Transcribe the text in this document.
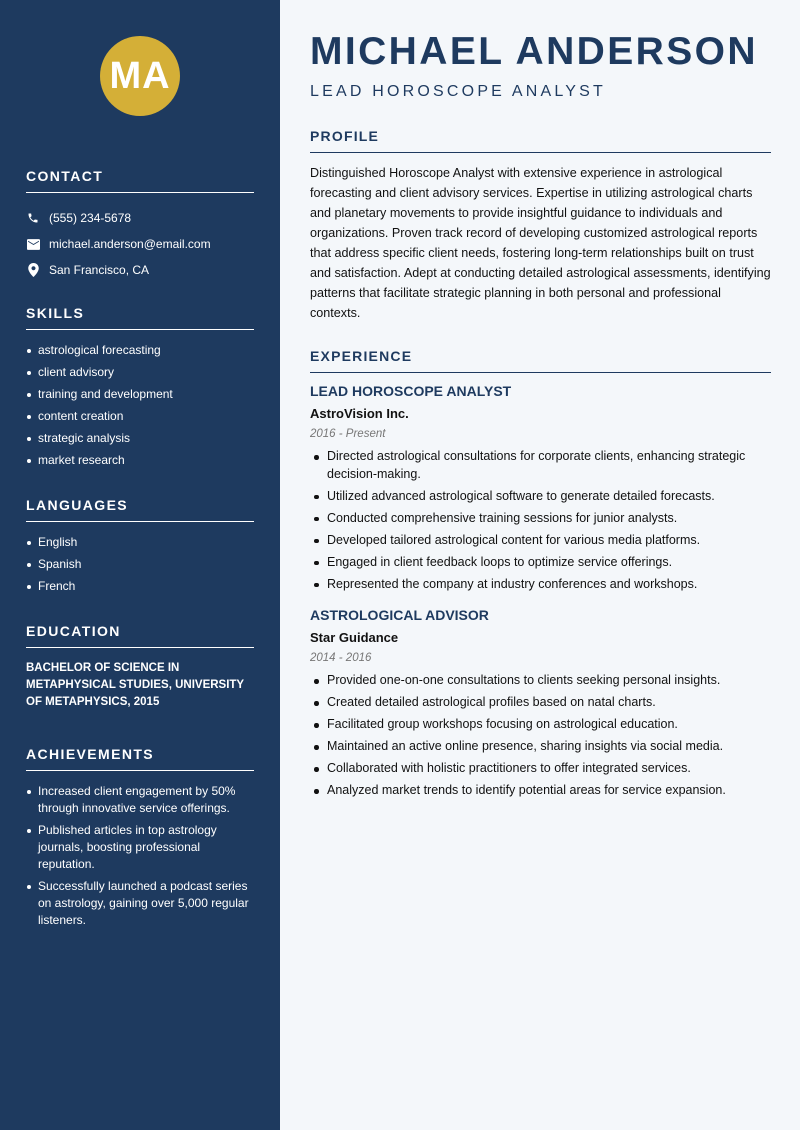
MA
CONTACT
(555) 234-5678
michael.anderson@email.com
San Francisco, CA
SKILLS
astrological forecasting
client advisory
training and development
content creation
strategic analysis
market research
LANGUAGES
English
Spanish
French
EDUCATION

BACHELOR OF SCIENCE IN METAPHYSICAL STUDIES, UNIVERSITY OF METAPHYSICS, 2015

ACHIEVEMENTS
Increased client engagement by 50% through innovative service offerings.
Published articles in top astrology journals, boosting professional reputation.
Successfully launched a podcast series on astrology, gaining over 5,000 regular listeners.
MICHAEL ANDERSON
LEAD HOROSCOPE ANALYST
PROFILE

Distinguished Horoscope Analyst with extensive experience in astrological forecasting and client advisory services. Expertise in utilizing astrological charts and planetary movements to provide insightful guidance to individuals and organizations. Proven track record of developing customized astrological reports that address specific client needs, fostering long-term relationships built on trust and satisfaction. Adept at conducting detailed astrological assessments, identifying patterns that facilitate strategic planning in both personal and professional contexts.

EXPERIENCE
LEAD HOROSCOPE ANALYST
AstroVision Inc.
2016 - Present
Directed astrological consultations for corporate clients, enhancing strategic decision-making.
Utilized advanced astrological software to generate detailed forecasts.
Conducted comprehensive training sessions for junior analysts.
Developed tailored astrological content for various media platforms.
Engaged in client feedback loops to optimize service offerings.
Represented the company at industry conferences and workshops.
ASTROLOGICAL ADVISOR
Star Guidance
2014 - 2016
Provided one-on-one consultations to clients seeking personal insights.
Created detailed astrological profiles based on natal charts.
Facilitated group workshops focusing on astrological education.
Maintained an active online presence, sharing insights via social media.
Collaborated with holistic practitioners to offer integrated services.
Analyzed market trends to identify potential areas for service expansion.
